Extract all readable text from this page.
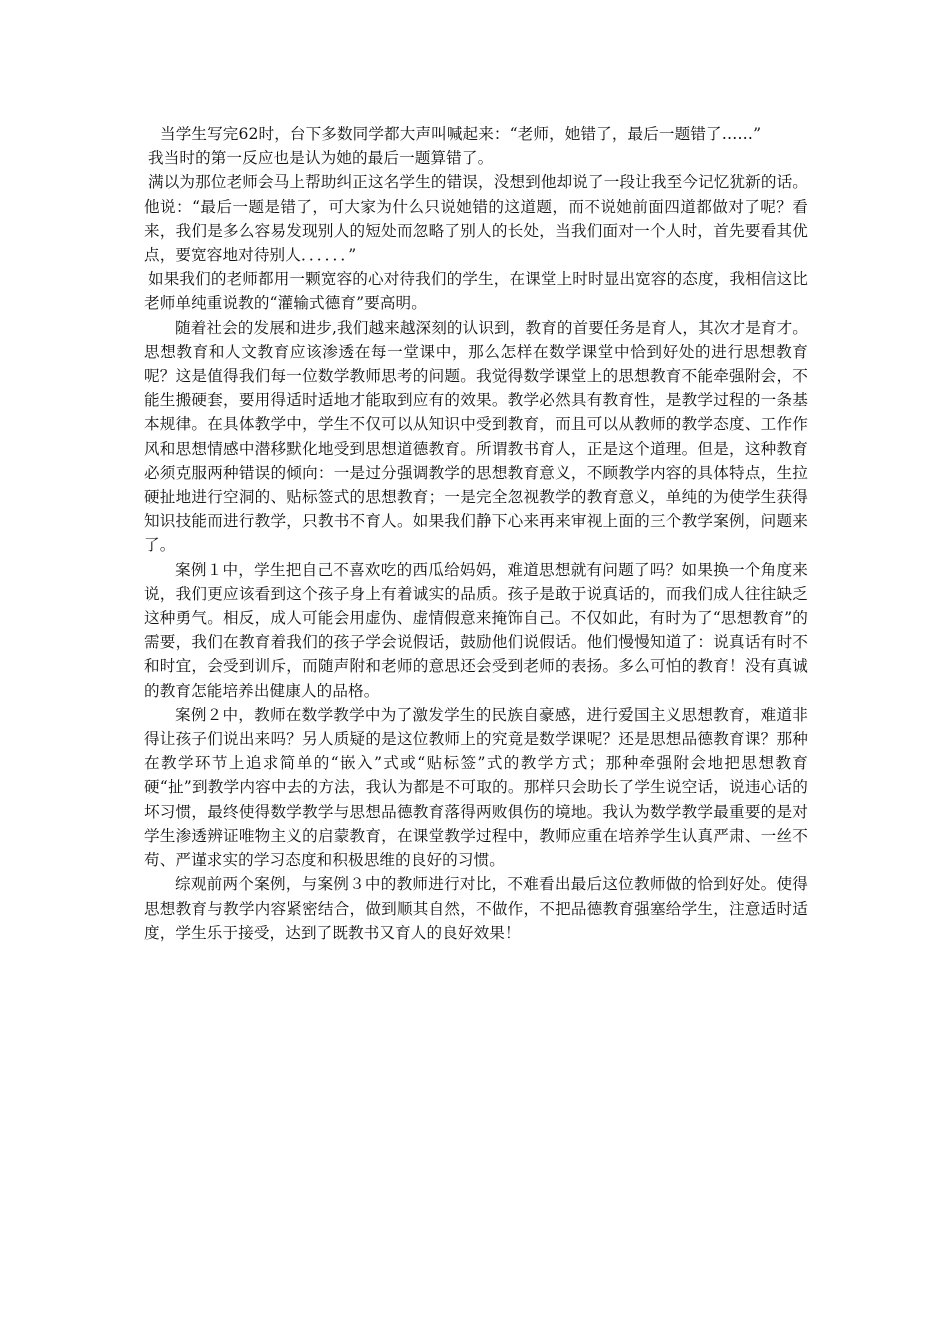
当学生写完62时，台下多数同学都大声叫喊起来：“老师，她错了，最后一题错了……”

我当时的第一反应也是认为她的最后一题算错了。

满以为那位老师会马上帮助纠正这名学生的错误，没想到他却说了一段让我至今记忆犹新的话。他说：“最后一题是错了，可大家为什么只说她错的这道题，而不说她前面四道都做对了呢？看来，我们是多么容易发现别人的短处而忽略了别人的长处，当我们面对一个人时，首先要看其优点，要宽容地对待别人．．．．．．”

如果我们的老师都用一颗宽容的心对待我们的学生，在课堂上时时显出宽容的态度，我相信这比老师单纯重说教的“灌输式德育”要高明。

随着社会的发展和进步,我们越来越深刻的认识到，教育的首要任务是育人，其次才是育才。思想教育和人文教育应该渗透在每一堂课中，那么怎样在数学课堂中恰到好处的进行思想教育呢？这是值得我们每一位数学教师思考的问题。我觉得数学课堂上的思想教育不能牵强附会，不能生搬硬套，要用得适时适地才能取到应有的效果。教学必然具有教育性，是教学过程的一条基本规律。在具体教学中，学生不仅可以从知识中受到教育，而且可以从教师的教学态度、工作作风和思想情感中潜移默化地受到思想道德教育。所谓教书育人，正是这个道理。但是，这种教育必须克服两种错误的倾向：一是过分强调教学的思想教育意义，不顾教学内容的具体特点，生拉硬扯地进行空洞的、贴标签式的思想教育；一是完全忽视教学的教育意义，单纯的为使学生获得知识技能而进行教学，只教书不育人。如果我们静下心来再来审视上面的三个教学案例，问题来了。

案例１中，学生把自己不喜欢吃的西瓜给妈妈，难道思想就有问题了吗？如果换一个角度来说，我们更应该看到这个孩子身上有着诚实的品质。孩子是敢于说真话的，而我们成人往往缺乏这种勇气。相反，成人可能会用虚伪、虚情假意来掩饰自己。不仅如此，有时为了“思想教育”的需要，我们在教育着我们的孩子学会说假话，鼓励他们说假话。他们慢慢知道了：说真话有时不和时宜，会受到训斥，而随声附和老师的意思还会受到老师的表扬。多么可怕的教育！没有真诚的教育怎能培养出健康人的品格。

案例２中，教师在数学教学中为了激发学生的民族自豪感，进行爱国主义思想教育，难道非得让孩子们说出来吗？另人质疑的是这位教师上的究竟是数学课呢？还是思想品德教育课？那种在教学环节上追求简单的“嵌入”式或“贴标签”式的教学方式；那种牵强附会地把思想教育硬“扯”到教学内容中去的方法，我认为都是不可取的。那样只会助长了学生说空话，说违心话的坏习惯，最终使得数学教学与思想品德教育落得两败俱伤的境地。我认为数学教学最重要的是对学生渗透辨证唯物主义的启蒙教育，在课堂教学过程中，教师应重在培养学生认真严肃、一丝不苟、严谨求实的学习态度和积极思维的良好的习惯。

综观前两个案例，与案例３中的教师进行对比，不难看出最后这位教师做的恰到好处。使得思想教育与教学内容紧密结合，做到顺其自然，不做作，不把品德教育强塞给学生，注意适时适度，学生乐于接受，达到了既教书又育人的良好效果！
